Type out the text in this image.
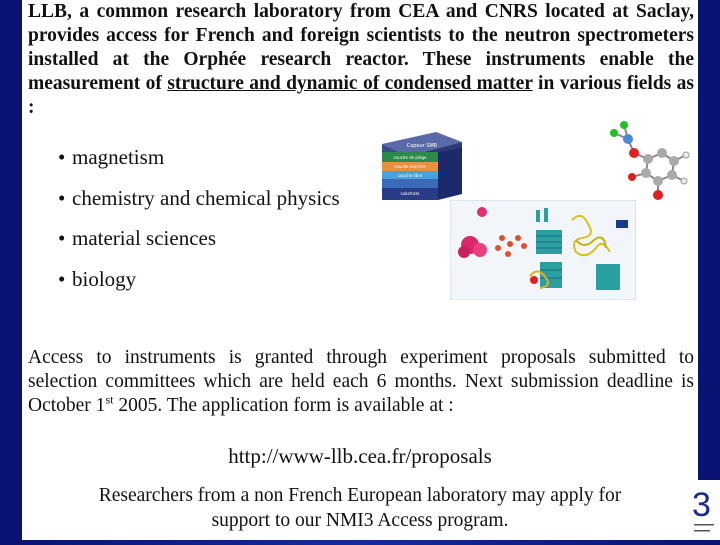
LLB, a common research laboratory from CEA and CNRS located at Saclay, provides access for French and foreign scientists to the neutron spectrometers installed at the Orphée research reactor. These instruments enable the measurement of structure and dynamic of condensed matter in various fields as :

• magnetism
• chemistry and chemical physics
• material sciences
• biology
Capeur SMR
couche de piège
couche barrière
couche libre
substrate

Access to instruments is granted through experiment proposals submitted to selection committees which are held each 6 months. Next submission deadline is October 1st 2005. The application form is available at :

http://www-llb.cea.fr/proposals
Researchers from a non French European laboratory may apply for
support to our NMI3 Access program.	3
